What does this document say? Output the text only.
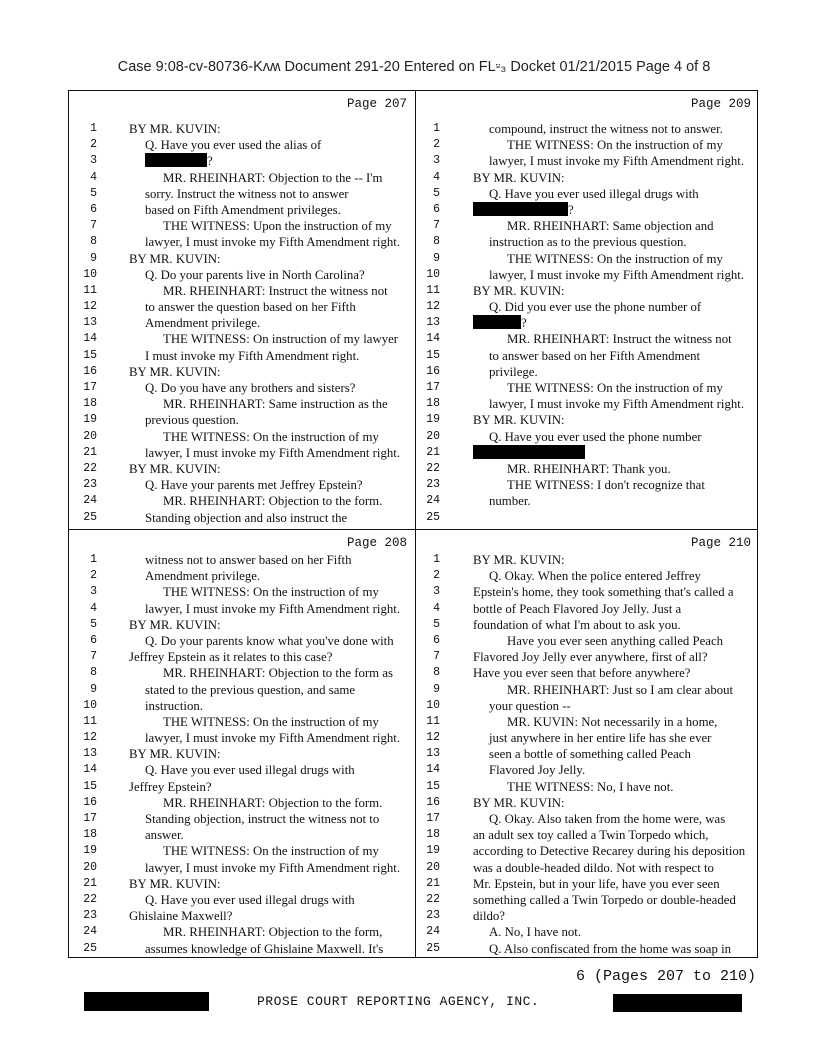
Case 9:08-cv-80736-Kʌʍ Document 291-20 Entered on FL⸚₃ Docket 01/21/2015 Page 4 of 8
Page 207
1	BY MR. KUVIN:
2	Q. Have you ever used the alias of
3	?
4	MR. RHEINHART: Objection to the -- I'm
5	sorry. Instruct the witness not to answer
6	based on Fifth Amendment privileges.
7	THE WITNESS: Upon the instruction of my
8	lawyer, I must invoke my Fifth Amendment right.
9	BY MR. KUVIN:
10	Q. Do your parents live in North Carolina?
11	MR. RHEINHART: Instruct the witness not
12	to answer the question based on her Fifth
13	Amendment privilege.
14	THE WITNESS: On instruction of my lawyer
15	I must invoke my Fifth Amendment right.
16	BY MR. KUVIN:
17	Q. Do you have any brothers and sisters?
18	MR. RHEINHART: Same instruction as the
19	previous question.
20	THE WITNESS: On the instruction of my
21	lawyer, I must invoke my Fifth Amendment right.
22	BY MR. KUVIN:
23	Q. Have your parents met Jeffrey Epstein?
24	MR. RHEINHART: Objection to the form.
25	Standing objection and also instruct the
Page 209
1	compound, instruct the witness not to answer.
2	THE WITNESS: On the instruction of my
3	lawyer, I must invoke my Fifth Amendment right.
4	BY MR. KUVIN:
5	Q. Have you ever used illegal drugs with
6	?
7	MR. RHEINHART: Same objection and
8	instruction as to the previous question.
9	THE WITNESS: On the instruction of my
10	lawyer, I must invoke my Fifth Amendment right.
11	BY MR. KUVIN:
12	Q. Did you ever use the phone number of
13	?
14	MR. RHEINHART: Instruct the witness not
15	to answer based on her Fifth Amendment
16	privilege.
17	THE WITNESS: On the instruction of my
18	lawyer, I must invoke my Fifth Amendment right.
19	BY MR. KUVIN:
20	Q. Have you ever used the phone number
21
22	MR. RHEINHART: Thank you.
23	THE WITNESS: I don't recognize that
24	number.
25
Page 208
1	witness not to answer based on her Fifth
2	Amendment privilege.
3	THE WITNESS: On the instruction of my
4	lawyer, I must invoke my Fifth Amendment right.
5	BY MR. KUVIN:
6	Q. Do your parents know what you've done with
7	Jeffrey Epstein as it relates to this case?
8	MR. RHEINHART: Objection to the form as
9	stated to the previous question, and same
10	instruction.
11	THE WITNESS: On the instruction of my
12	lawyer, I must invoke my Fifth Amendment right.
13	BY MR. KUVIN:
14	Q. Have you ever used illegal drugs with
15	Jeffrey Epstein?
16	MR. RHEINHART: Objection to the form.
17	Standing objection, instruct the witness not to
18	answer.
19	THE WITNESS: On the instruction of my
20	lawyer, I must invoke my Fifth Amendment right.
21	BY MR. KUVIN:
22	Q. Have you ever used illegal drugs with
23	Ghislaine Maxwell?
24	MR. RHEINHART: Objection to the form,
25	assumes knowledge of Ghislaine Maxwell. It's
Page 210
1	BY MR. KUVIN:
2	Q. Okay. When the police entered Jeffrey
3	Epstein's home, they took something that's called a
4	bottle of Peach Flavored Joy Jelly. Just a
5	foundation of what I'm about to ask you.
6	Have you ever seen anything called Peach
7	Flavored Joy Jelly ever anywhere, first of all?
8	Have you ever seen that before anywhere?
9	MR. RHEINHART: Just so I am clear about
10	your question --
11	MR. KUVIN: Not necessarily in a home,
12	just anywhere in her entire life has she ever
13	seen a bottle of something called Peach
14	Flavored Joy Jelly.
15	THE WITNESS: No, I have not.
16	BY MR. KUVIN:
17	Q. Okay. Also taken from the home were, was
18	an adult sex toy called a Twin Torpedo which,
19	according to Detective Recarey during his deposition
20	was a double-headed dildo. Not with respect to
21	Mr. Epstein, but in your life, have you ever seen
22	something called a Twin Torpedo or double-headed
23	dildo?
24	A. No, I have not.
25	Q. Also confiscated from the home was soap in
6 (Pages 207 to 210)
PROSE COURT REPORTING AGENCY, INC.
